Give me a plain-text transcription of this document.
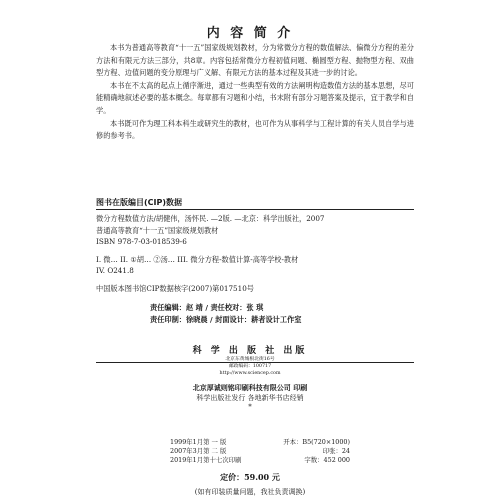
内 容 简 介

本书为普通高等教育“十一五”国家级规划教材，分为常微分方程的数值解法、偏微分方程的差分方法和有限元方法三部分，共8章。内容包括常微分方程初值问题、椭圆型方程、抛物型方程、双曲型方程、边值问题的变分原理与广义解、有限元方法的基本过程及其进一步的讨论。

本书在不太高的起点上循序渐进，通过一些典型有效的方法阐明构造数值方法的基本思想，尽可能精确地叙述必要的基本概念。每章都有习题和小结，书末附有部分习题答案及提示，宜于教学和自学。

本书既可作为理工科本科生或研究生的教材，也可作为从事科学与工程计算的有关人员自学与进修的参考书。

图书在版编目(CIP)数据
微分方程数值方法/胡健伟，汤怀民. —2版. —北京：科学出版社，2007
普通高等教育“十一五”国家级规划教材
ISBN 978-7-03-018539-6
I. 微… II. ①胡… ②汤… III. 微分方程-数值计算-高等学校-教材
IV. O241.8
中国版本图书馆CIP数据核字(2007)第017510号
责任编辑：赵 靖 / 责任校对：张 琪
责任印制：徐晓晨 / 封面设计：耕者设计工作室
科 学 出 版 社 出版
北京东黄城根北街16号
邮政编码：100717
http://www.sciencep.com
北京厚诚则铭印刷科技有限公司 印刷
科学出版社发行 各地新华书店经销
*
1999年1月第 一 版	开本：B5(720×1000)
2007年3月第 二 版	印张：24
2019年1月第十七次印刷	字数：452 000
定价：59.00 元
(如有印装质量问题，我社负责调换)
